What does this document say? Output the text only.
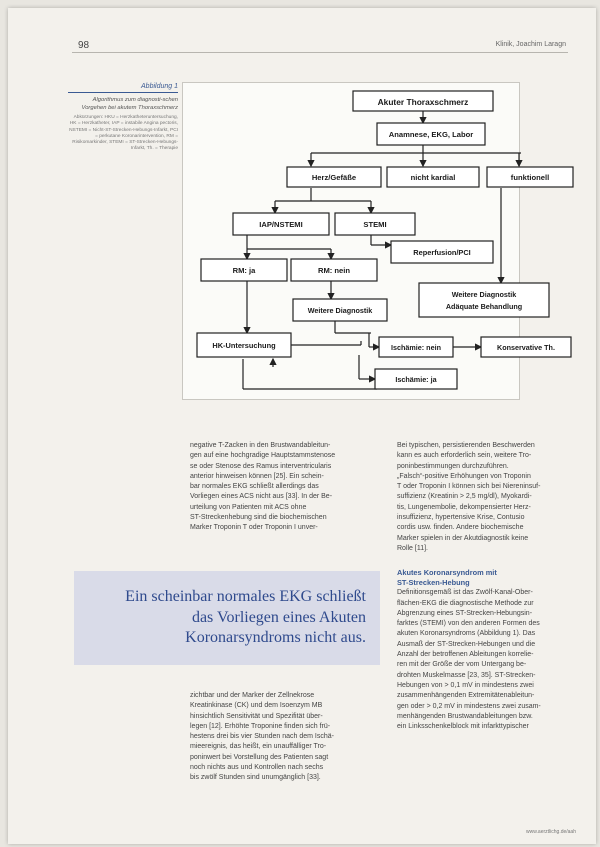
98	Klinik, Joachim Laragn
Abbildung 1
Algorithmus zum diagnosti-schen Vorgehen bei akutem Thoraxschmerz
Abkürzungen: HKU = Herzkatheteruntersuchung, HK = Herzkatheter, IAP = instabile Angina pectoris, NSTEMI = Nicht-ST-Strecken-Hebungs-Infarkt, PCI = perkutane Koronarintervention, RM = Risikomarkinder, STEMI = ST-Strecken-Hebungs-Infarkt, Th. = Therapie
Akuter Thoraxschmerz
Anamnese, EKG, Labor
Herz/Gefäße	nicht kardial	funktionell
IAP/NSTEMI	STEMI
Reperfusion/PCI
RM: ja	RM: nein
Weitere Diagnostik
Weitere Diagnostik
Adäquate Behandlung
HK-Untersuchung	Ischämie: nein	Konservative Th.
Ischämie: ja
negative T-Zacken in den Brustwandableitun-
gen auf eine hochgradige Hauptstammstenose
se oder Stenose des Ramus interventricularis
anterior hinweisen können [25]. Ein schein-
bar normales EKG schließt allerdings das
Vorliegen eines ACS nicht aus [33]. In der Be-
urteilung von Patienten mit ACS ohne
ST-Streckenhebung sind die biochemischen
Marker Troponin T oder Troponin I unver-
Ein scheinbar normales EKG schließt
das Vorliegen eines Akuten
Koronarsyndroms nicht aus.
zichtbar und der Marker der Zellnekrose
Kreatinkinase (CK) und dem Isoenzym MB
hinsichtlich Sensitivität und Spezifität über-
legen [12]. Erhöhte Troponine finden sich frü-
hestens drei bis vier Stunden nach dem Ischä-
mieereignis, das heißt, ein unauffälliger Tro-
poninwert bei Vorstellung des Patienten sagt
noch nichts aus und Kontrollen nach sechs
bis zwölf Stunden sind unumgänglich [33].
Bei typischen, persistierenden Beschwerden
kann es auch erforderlich sein, weitere Tro-
poninbestimmungen durchzuführen.
„Falsch“-positive Erhöhungen von Troponin
T oder Troponin I können sich bei Niereninsuf-
suffizienz (Kreatinin > 2,5 mg/dl), Myokardi-
tis, Lungenembolie, dekompensierter Herz-
insuffizienz, hypertensive Krise, Contusio
cordis usw. finden. Andere biochemische
Marker spielen in der Akutdiagnostik keine
Rolle [11].
Akutes Koronarsyndrom mit
ST-Strecken-Hebung
Definitionsgemäß ist das Zwölf-Kanal-Ober-
flächen-EKG die diagnostische Methode zur
Abgrenzung eines ST-Strecken-Hebungsin-
farktes (STEMI) von den anderen Formen des
akuten Koronarsyndroms (Abbildung 1). Das
Ausmaß der ST-Strecken-Hebungen und die
Anzahl der betroffenen Ableitungen korrelie-
ren mit der Größe der vom Untergang be-
drohten Muskelmasse [23, 35]. ST-Strecken-
Hebungen von > 0,1 mV in mindestens zwei
zusammenhängenden Extremitätenableitun-
gen oder > 0,2 mV in mindestens zwei zusam-
menhängenden Brustwandableitungen bzw.
ein Linksschenkelblock mit infarkttypischer
www.aerztlichg.de/aah
